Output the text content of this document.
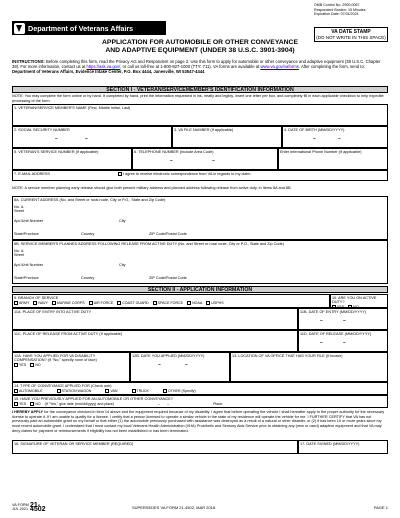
OMB Control No. 2900-0067
Respondent Burden: 15 Minutes
Expiration Date: 07/31/2024
Department of Veterans Affairs	VA DATE STAMP
(DO NOT WRITE IN THIS SPACE)
APPLICATION FOR AUTOMOBILE OR OTHER CONVEYANCE
AND ADAPTIVE EQUIPMENT (UNDER 38 U.S.C. 3901-3904)
INSTRUCTIONS: Before completing this form, read the Privacy Act and Respondent on page 2. Use this form to apply for automobile or other conveyance and adaptive equipment (38 U.S.C. Chapter 39). For more information, contact us at https://ask.va.gov/, or call us toll-free at 1-800-827-1000 (TTY: 711). VA forms are available at www.va.gov/vaforms. After completing the form, send to: Department of Veterans Affairs, Evidence Intake Center, P.O. Box 4444, Janesville, WI 53547-4444
SECTION I - VETERAN/SERVICEMEMBER'S IDENTIFICATION INFORMATION
NOTE: You may complete the form online or by hand. If completed by hand, print the information requested in ink, neatly and legibly, insert one letter per box, and completely fill in each applicable checkbox to help expedite processing of the form.
1. VETERAN/SERVICE MEMBER'S NAME (First, Middle Initial, Last)
2. SOCIAL SECURITY NUMBER
–	–
3. VA FILE NUMBER (If applicable)	4. DATE OF BIRTH (MM/DD/YYYY)
–	–
5. VETERAN'S SERVICE NUMBER (If applicable)	6. TELEPHONE NUMBER (Include Area Code)
–	–
Enter International Phone Number (If applicable)
7. E-MAIL ADDRESS	I agree to receive electronic correspondence from VA in regards to my claim.
NOTE: A service member planning early release should give both present military address and planned address following release from active duty, in Items 8A and 8B.
8A. CURRENT ADDRESS (No. and Street or rural route, City or P.O., State and Zip Code)
No. & Street
Apt./Unit Number	City
State/Province	Country	ZIP Code/Postal Code
8B. SERVICE MEMBER'S PLANNED ADDRESS FOLLOWING RELEASE FROM ACTIVE DUTY (No. and Street or rural route, City or P.O., State and Zip Code)
No. & Street
Apt./Unit Number	City
State/Province	Country	ZIP Code/Postal Code
SECTION II - APPLICATION INFORMATION
9. BRANCH OF SERVICE
ARMY	NAVY	MARINE CORPS	AIR FORCE	COAST GUARD	SPACE FORCE	NOAA	USPHS
10. ARE YOU ON ACTIVE DUTY?
YES	NO
11A. PLACE OF ENTRY INTO ACTIVE DUTY	11B. DATE OF ENTRY (MM/DD/YYYY)
–	–
11C. PLACE OF RELEASE FROM ACTIVE DUTY (If applicable)	11D. DATE OF RELEASE (MM/DD/YYYY)
–	–
12A. HAVE YOU APPLIED FOR VA DISABILITY COMPENSATION? (If "No," specify none of face)
YES	NO
12B. DATE YOU APPLIED (MM/DD/YYYY)
–	–
13. LOCATION OF VA OFFICE THAT HAS YOUR FILE (If known)
14. TYPE OF CONVEYANCE APPLIED FOR (Check one)
AUTOMOBILE	STATION WAGON	VAN	TRUCK	OTHER (Specify)
15. HAVE YOU PREVIOUSLY APPLIED FOR AN AUTOMOBILE OR OTHER CONVEYANCE?
YES	NO (If "Yes," give date (mm/dd/yyyy) and place)	–       –	Place:
I HEREBY APPLY for the conveyance checked in Item 14 above and the equipment required because of my disability. I agree that before operating the vehicle I shall hereafter apply to the proper authority for the necessary license to operate it. If I am unable to qualify for a license, I certify that a person licensed to operate a similar vehicle in the state of my residence will operate the vehicle for me. I FURTHER CERTIFY that VA has not previously paid an automobile grant on my behalf or that either (1) the automobile previously purchased with assistance was destroyed as a result of a natural or other disaster, or (2) it has been 10 or more years since my most recent automobile grant. I understand that I must contact my local Veterans Health Administration (VHA) Prosthetic and Sensory Aids Service prior to obtaining any (new or used) adaptive equipment and that VA may deny claims for payment or reimbursements if eligibility has not been established or has been terminated.
16. SIGNATURE OF VETERAN OR SERVICE MEMBER (REQUIRED)	17. DATE SIGNED (MM/DD/YYYY)
VA FORM
JUL 2021
21-4502	SUPERSEDES VA FORM 21-4502, MAR 2018.	PAGE 1
